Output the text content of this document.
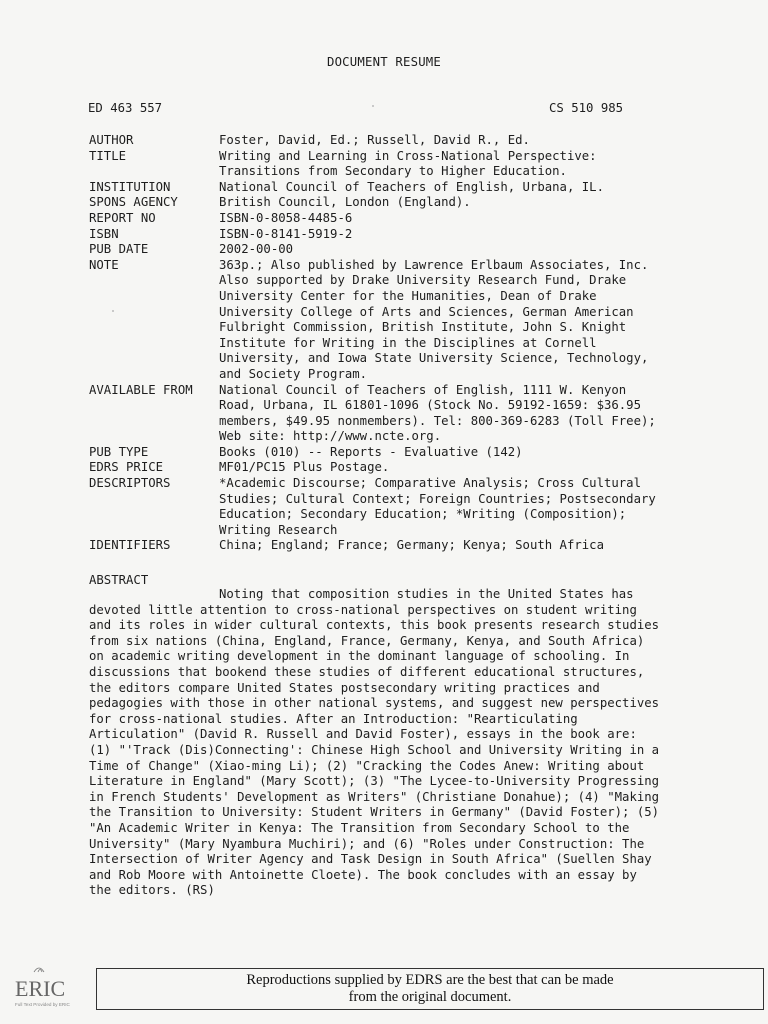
DOCUMENT RESUME
ED 463 557	CS 510 985
AUTHOR	Foster, David, Ed.; Russell, David R., Ed.
TITLE	Writing and Learning in Cross-National Perspective:
Transitions from Secondary to Higher Education.
INSTITUTION	National Council of Teachers of English, Urbana, IL.
SPONS AGENCY	British Council, London (England).
REPORT NO	ISBN-0-8058-4485-6
ISBN	ISBN-0-8141-5919-2
PUB DATE	2002-00-00
NOTE	363p.; Also published by Lawrence Erlbaum Associates, Inc.
Also supported by Drake University Research Fund, Drake
University Center for the Humanities, Dean of Drake
University College of Arts and Sciences, German American
Fulbright Commission, British Institute, John S. Knight
Institute for Writing in the Disciplines at Cornell
University, and Iowa State University Science, Technology,
and Society Program.
AVAILABLE FROM	National Council of Teachers of English, 1111 W. Kenyon
Road, Urbana, IL 61801-1096 (Stock No. 59192-1659: $36.95
members, $49.95 nonmembers). Tel: 800-369-6283 (Toll Free);
Web site: http://www.ncte.org.
PUB TYPE	Books (010) -- Reports - Evaluative (142)
EDRS PRICE	MF01/PC15 Plus Postage.
DESCRIPTORS	*Academic Discourse; Comparative Analysis; Cross Cultural
Studies; Cultural Context; Foreign Countries; Postsecondary
Education; Secondary Education; *Writing (Composition);
Writing Research
IDENTIFIERS	China; England; France; Germany; Kenya; South Africa
ABSTRACT
Noting that composition studies in the United States has
devoted little attention to cross-national perspectives on student writing
and its roles in wider cultural contexts, this book presents research studies
from six nations (China, England, France, Germany, Kenya, and South Africa)
on academic writing development in the dominant language of schooling. In
discussions that bookend these studies of different educational structures,
the editors compare United States postsecondary writing practices and
pedagogies with those in other national systems, and suggest new perspectives
for cross-national studies. After an Introduction: "Rearticulating
Articulation" (David R. Russell and David Foster), essays in the book are:
(1) "'Track (Dis)Connecting': Chinese High School and University Writing in a
Time of Change" (Xiao-ming Li); (2) "Cracking the Codes Anew: Writing about
Literature in England" (Mary Scott); (3) "The Lycee-to-University Progressing
in French Students' Development as Writers" (Christiane Donahue); (4) "Making
the Transition to University: Student Writers in Germany" (David Foster); (5)
"An Academic Writer in Kenya: The Transition from Secondary School to the
University" (Mary Nyambura Muchiri); and (6) "Roles under Construction: The
Intersection of Writer Agency and Task Design in South Africa" (Suellen Shay
and Rob Moore with Antoinette Cloete). The book concludes with an essay by
the editors. (RS)
ERIC
Full Text Provided by ERIC
Reproductions supplied by EDRS are the best that can be made
from the original document.
